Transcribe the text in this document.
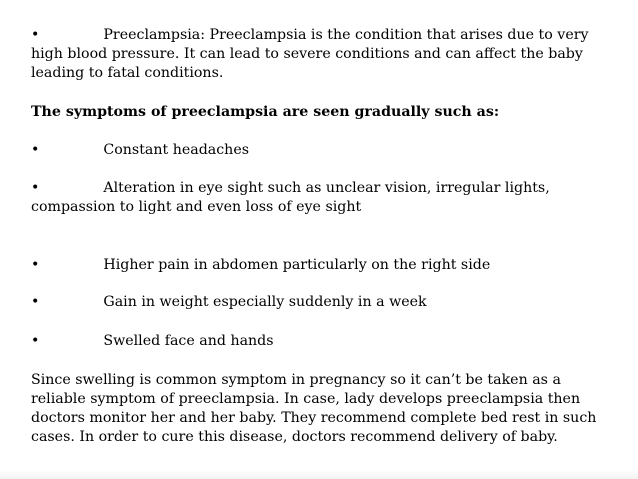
•	Preeclampsia: Preeclampsia is the condition that arises due to very high blood pressure. It can lead to severe conditions and can affect the baby leading to fatal conditions.

The symptoms of preeclampsia are seen gradually such as:

•	Constant headaches

•	Alteration in eye sight such as unclear vision, irregular lights, compassion to light and even loss of eye sight

•	Higher pain in abdomen particularly on the right side

•	Gain in weight especially suddenly in a week

•	Swelled face and hands

Since swelling is common symptom in pregnancy so it can’t be taken as a reliable symptom of preeclampsia. In case, lady develops preeclampsia then doctors monitor her and her baby. They recommend complete bed rest in such cases. In order to cure this disease, doctors recommend delivery of baby.
